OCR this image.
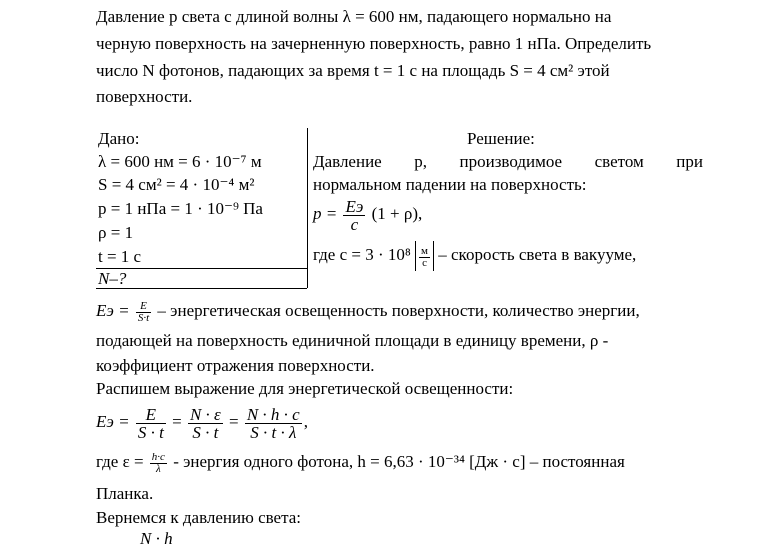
Давление p света с длиной волны λ = 600 нм, падающего нормально на
черную поверхность на зачерненную поверхность, равно 1 нПа. Определить
число N фотонов, падающих за время t = 1 с на площадь S = 4 см² этой
поверхности.
Дано:
λ = 600 нм = 6 · 10⁻⁷ м
S = 4 см² = 4 · 10⁻⁴ м²
p = 1 нПа = 1 · 10⁻⁹ Па
ρ = 1
t = 1 с
N–?
Решение:
Давление p, производимое светом при
нормальном падении на поверхность:
$p = \frac{Eэ}{c} (1 + \rho)$,
где $c = 3 \cdot 10^8 \frac{м}{с}$ – скорость света в вакууме,
Eэ = $\frac{E}{S\cdot t}$ – энергетическая освещенность поверхности, количество энергии,
подающей на поверхность единичной площади в единицу времени, ρ -
коэффициент отражения поверхности.
Распишем выражение для энергетической освещенности:
Eэ = $\frac{E}{S \cdot t} = \frac{N \cdot \varepsilon}{S \cdot t} = \frac{N \cdot h \cdot c}{S \cdot t \cdot \lambda}$ ,
где $\varepsilon = \frac{h\cdot c}{\lambda}$ - энергия одного фотона, h = 6,63 · 10⁻³⁴ [Дж · с] – постоянная
Планка.
Вернемся к давлению света:
N · h
